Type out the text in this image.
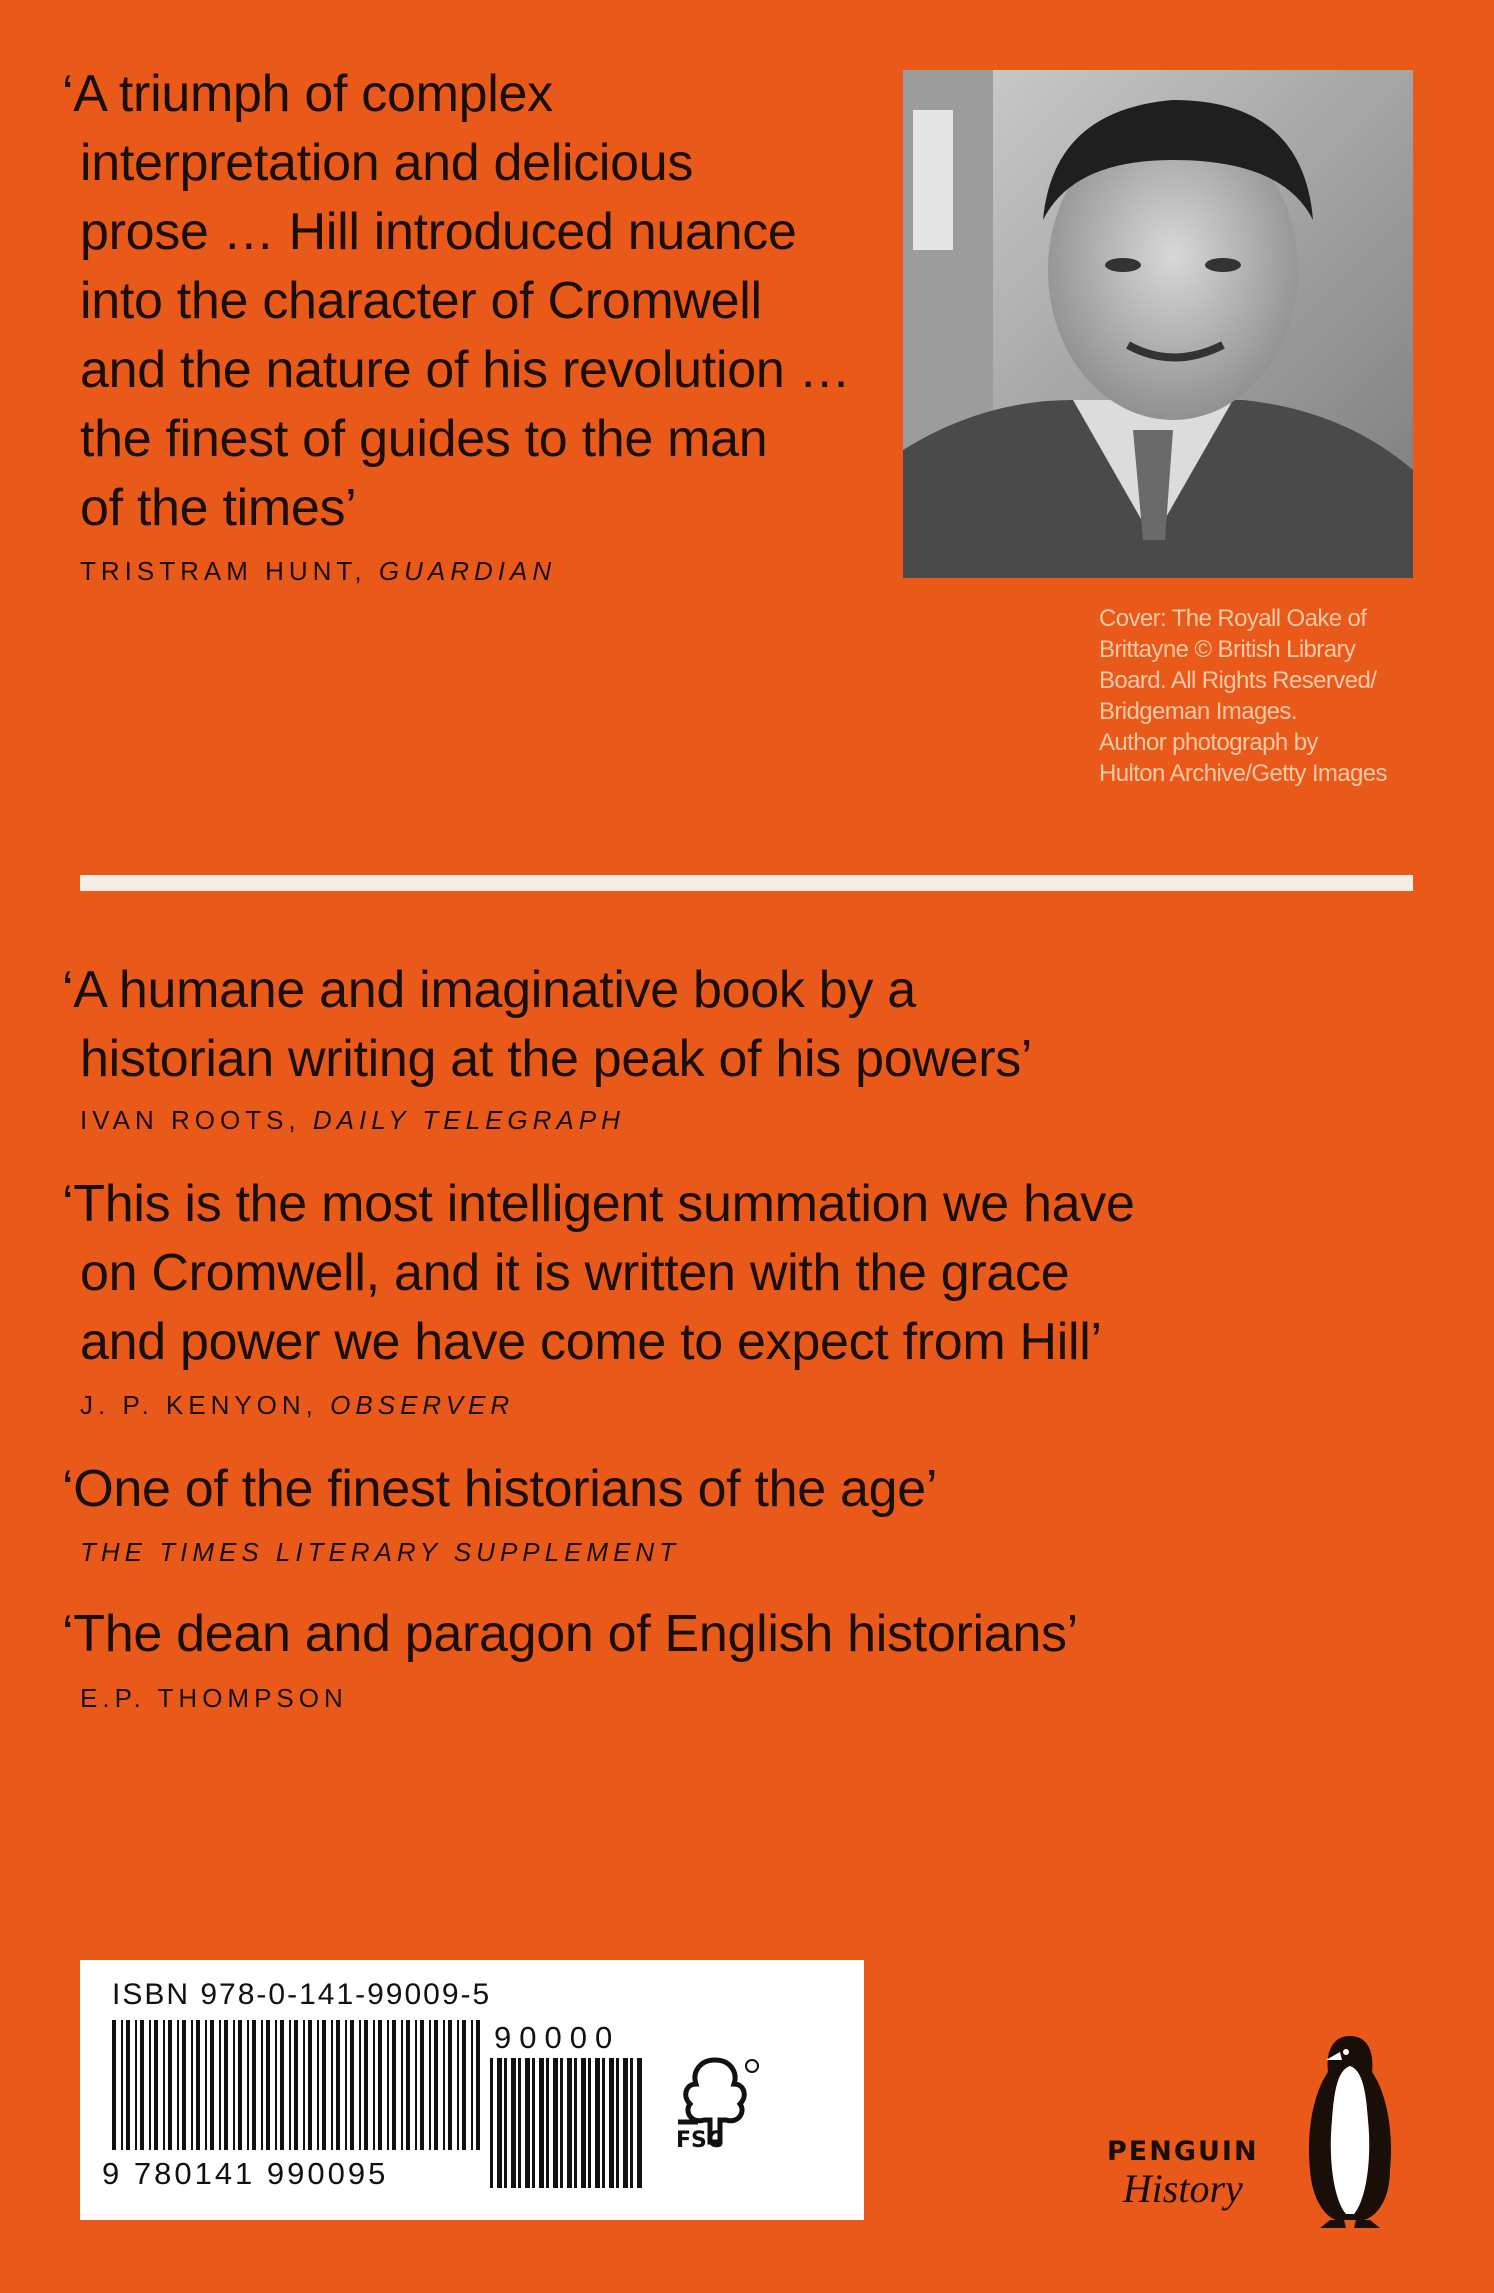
‘A triumph of complex
interpretation and delicious
prose … Hill introduced nuance
into the character of Cromwell
and the nature of his revolution …
the finest of guides to the man
of the times’
TRISTRAM HUNT, GUARDIAN
Cover: The Royall Oake of
Brittayne © British Library
Board. All Rights Reserved/
Bridgeman Images.
Author photograph by
Hulton Archive/Getty Images
‘A humane and imaginative book by a
historian writing at the peak of his powers’
IVAN ROOTS, DAILY TELEGRAPH
‘This is the most intelligent summation we have
on Cromwell, and it is written with the grace
and power we have come to expect from Hill’
J. P. KENYON, OBSERVER
‘One of the finest historians of the age’
THE TIMES LITERARY SUPPLEMENT
‘The dean and paragon of English historians’
E.P. THOMPSON
ISBN 978-0-141-99009-5
9 780141 990095
90000
FSC	PENGUIN
History
